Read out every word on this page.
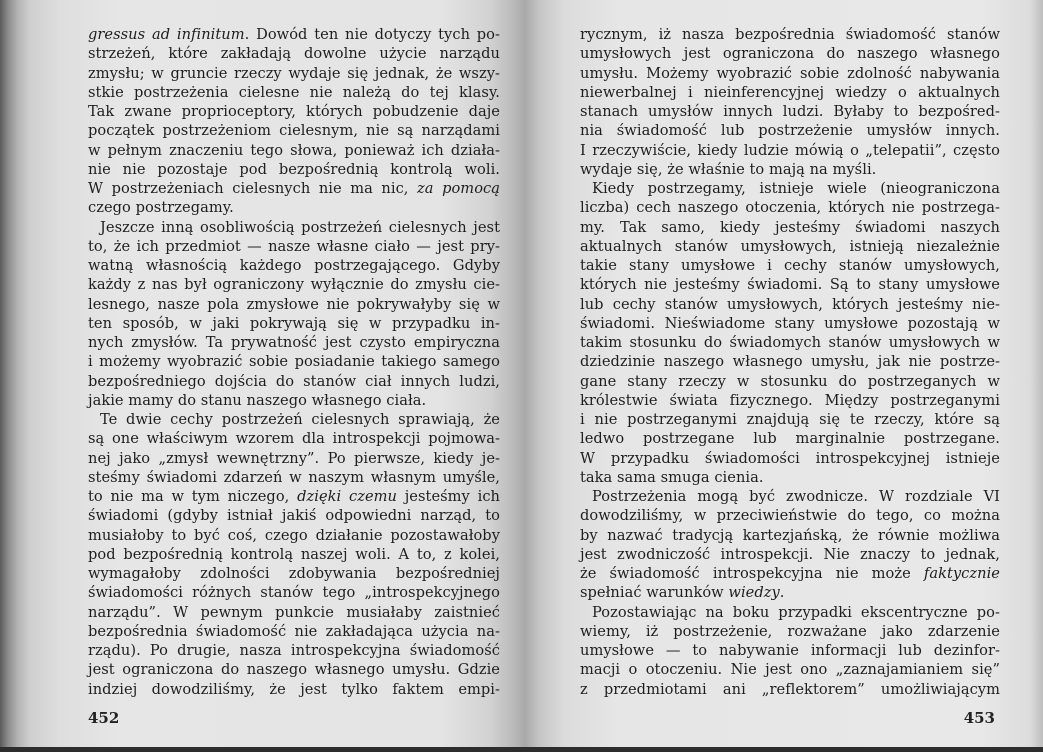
gressus ad infinitum. Dowód ten nie dotyczy tych po-
strzeżeń, które zakładają dowolne użycie narządu
zmysłu; w gruncie rzeczy wydaje się jednak, że wszy-
stkie postrzeżenia cielesne nie należą do tej klasy.
Tak zwane proprioceptory, których pobudzenie daje
początek postrzeżeniom cielesnym, nie są narządami
w pełnym znaczeniu tego słowa, ponieważ ich działa-
nie nie pozostaje pod bezpośrednią kontrolą woli.
W postrzeżeniach cielesnych nie ma nic, za pomocą
czego postrzegamy.
Jeszcze inną osobliwością postrzeżeń cielesnych jest
to, że ich przedmiot — nasze własne ciało — jest pry-
watną własnością każdego postrzegającego. Gdyby
każdy z nas był ograniczony wyłącznie do zmysłu cie-
lesnego, nasze pola zmysłowe nie pokrywałyby się w
ten sposób, w jaki pokrywają się w przypadku in-
nych zmysłów. Ta prywatność jest czysto empiryczna
i możemy wyobrazić sobie posiadanie takiego samego
bezpośredniego dojścia do stanów ciał innych ludzi,
jakie mamy do stanu naszego własnego ciała.
Te dwie cechy postrzeżeń cielesnych sprawiają, że
są one właściwym wzorem dla introspekcji pojmowa-
nej jako „zmysł wewnętrzny”. Po pierwsze, kiedy je-
steśmy świadomi zdarzeń w naszym własnym umyśle,
to nie ma w tym niczego, dzięki czemu jesteśmy ich
świadomi (gdyby istniał jakiś odpowiedni narząd, to
musiałoby to być coś, czego działanie pozostawałoby
pod bezpośrednią kontrolą naszej woli. A to, z kolei,
wymagałoby zdolności zdobywania bezpośredniej
świadomości różnych stanów tego „introspekcyjnego
narządu”. W pewnym punkcie musiałaby zaistnieć
bezpośrednia świadomość nie zakładająca użycia na-
rządu). Po drugie, nasza introspekcyjna świadomość
jest ograniczona do naszego własnego umysłu. Gdzie
indziej dowodziliśmy, że jest tylko faktem empi-
452
rycznym, iż nasza bezpośrednia świadomość stanów
umysłowych jest ograniczona do naszego własnego
umysłu. Możemy wyobrazić sobie zdolność nabywania
niewerbalnej i nieinferencyjnej wiedzy o aktualnych
stanach umysłów innych ludzi. Byłaby to bezpośred-
nia świadomość lub postrzeżenie umysłów innych.
I rzeczywiście, kiedy ludzie mówią o „telepatii”, często
wydaje się, że właśnie to mają na myśli.
Kiedy postrzegamy, istnieje wiele (nieograniczona
liczba) cech naszego otoczenia, których nie postrzega-
my. Tak samo, kiedy jesteśmy świadomi naszych
aktualnych stanów umysłowych, istnieją niezależnie
takie stany umysłowe i cechy stanów umysłowych,
których nie jesteśmy świadomi. Są to stany umysłowe
lub cechy stanów umysłowych, których jesteśmy nie-
świadomi. Nieświadome stany umysłowe pozostają w
takim stosunku do świadomych stanów umysłowych w
dziedzinie naszego własnego umysłu, jak nie postrze-
gane stany rzeczy w stosunku do postrzeganych w
królestwie świata fizycznego. Między postrzeganymi
i nie postrzeganymi znajdują się te rzeczy, które są
ledwo postrzegane lub marginalnie postrzegane.
W przypadku świadomości introspekcyjnej istnieje
taka sama smuga cienia.
Postrzeżenia mogą być zwodnicze. W rozdziale VI
dowodziliśmy, w przeciwieństwie do tego, co można
by nazwać tradycją kartezjańską, że równie możliwa
jest zwodniczość introspekcji. Nie znaczy to jednak,
że świadomość introspekcyjna nie może faktycznie
spełniać warunków wiedzy.
Pozostawiając na boku przypadki ekscentryczne po-
wiemy, iż postrzeżenie, rozważane jako zdarzenie
umysłowe — to nabywanie informacji lub dezinfor-
macji o otoczeniu. Nie jest ono „zaznajamianiem się”
z przedmiotami ani „reflektorem” umożliwiającym
453
